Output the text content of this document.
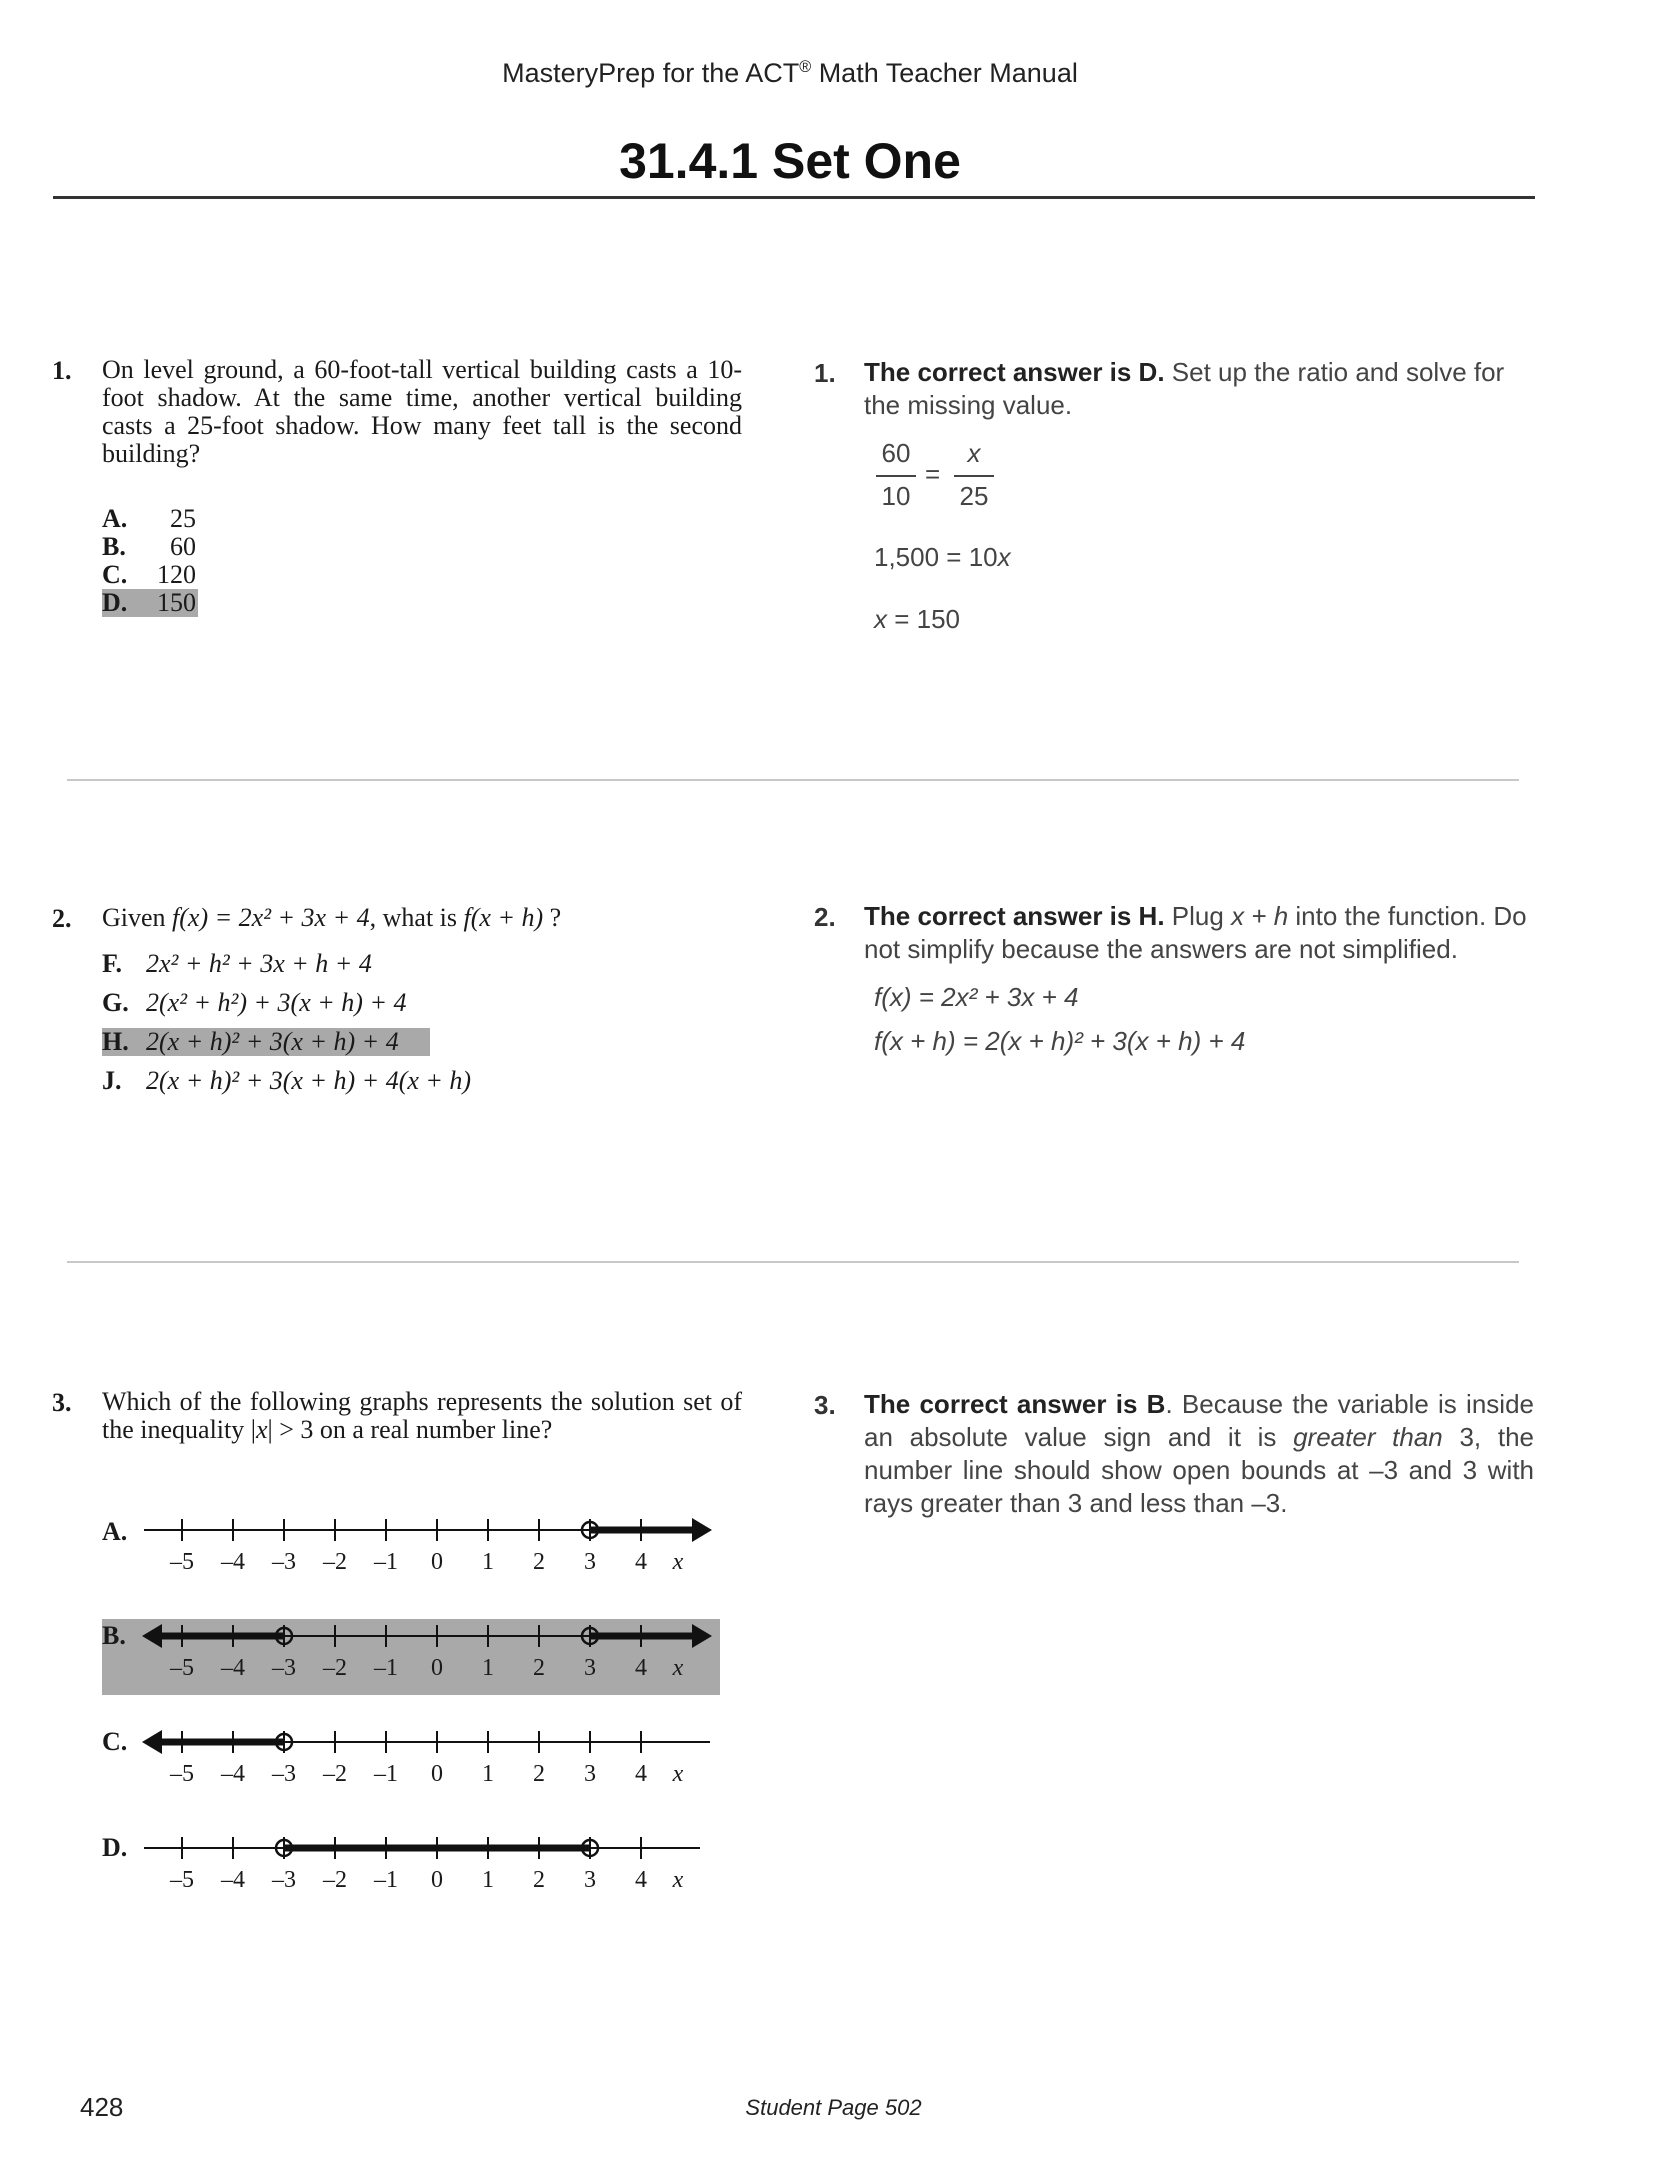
MasteryPrep for the ACT® Math Teacher Manual
31.4.1 Set One
1. On level ground, a 60-foot-tall vertical building casts a 10-foot shadow. At the same time, another vertical building casts a 25-foot shadow. How many feet tall is the second building?
A. 25
B. 60
C. 120
D. 150
1. The correct answer is D. Set up the ratio and solve for the missing value.
60
10
=
x
25
1,500 = 10x
x = 150
2. Given f(x) = 2x² + 3x + 4, what is f(x + h) ?
F. 2x² + h² + 3x + h + 4
G. 2(x² + h²) + 3(x + h) + 4
H. 2(x + h)² + 3(x + h) + 4
J. 2(x + h)² + 3(x + h) + 4(x + h)
2. The correct answer is H. Plug x + h into the function. Do not simplify because the answers are not simplified.
f(x) = 2x² + 3x + 4
f(x + h) = 2(x + h)² + 3(x + h) + 4
3. Which of the following graphs represents the solution set of the inequality |x| > 3 on a real number line?
A.
–5 –4 –3 –2 –1 0 1 2 3 4 x
B.
–5 –4 –3 –2 –1 0 1 2 3 4 x
C.
–5 –4 –3 –2 –1 0 1 2 3 4 x
D.
–5 –4 –3 –2 –1 0 1 2 3 4 x
3. The correct answer is B. Because the variable is inside an absolute value sign and it is greater than 3, the number line should show open bounds at –3 and 3 with rays greater than 3 and less than –3.
428	Student Page 502
